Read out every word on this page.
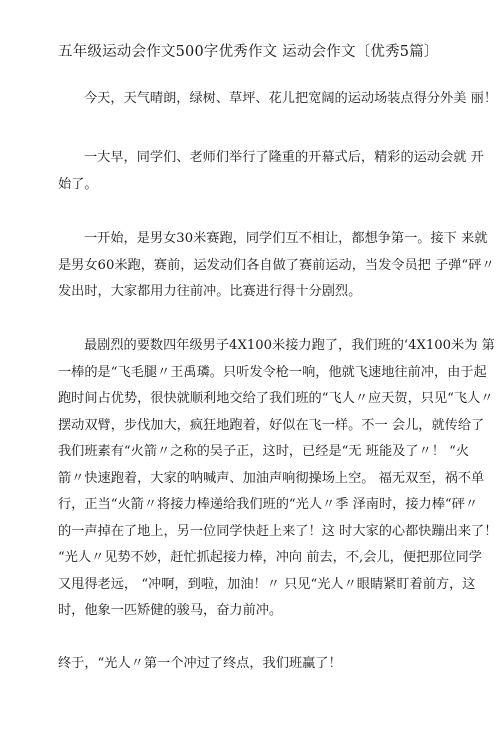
五年级运动会作文500字优秀作文 运动会作文〔优秀5篇〕
今天，天气晴朗，绿树、草坪、花儿把宽阔的运动场装点得分外美 丽！
一大早，同学们、老师们举行了隆重的开幕式后，精彩的运动会就 开
始了。
一开始，是男女30米赛跑，同学们互不相让，都想争第一。接下 来就
是男女60米跑，赛前，运发动们各自做了赛前运动，当发令员把 子弹“砰〃
发出时，大家都用力往前冲。比赛进行得十分剧烈。
最剧烈的要数四年级男子4X100米接力跑了，我们班的‘4X100米为 第
一棒的是“飞毛腿〃王禹璘。只听发令枪一响，他就飞速地往前冲，由于起
跑时间占优势，很快就顺利地交给了我们班的“飞人〃应天贺，只见“飞人〃
摆动双臂，步伐加大，疯狂地跑着，好似在飞一样。不一 会儿，就传给了
我们班素有“火箭〃之称的吴子正，这时，已经是“无 班能及了〃！ “火
箭〃快速跑着，大家的呐喊声、加油声响彻操场上空。 福无双至，祸不单
行，正当“火箭〃将接力棒递给我们班的“光人〃季 泽南时，接力棒“砰〃
的一声掉在了地上，另一位同学快赶上来了！这 时大家的心都快蹦出来了！
“光人〃见势不妙，赶忙抓起接力棒，冲向 前去，不,会儿，便把那位同学
又甩得老远， “冲啊，到啦，加油！〃 只见“光人〃眼睛紧盯着前方，这
时，他象一匹矫健的骏马，奋力前冲。
终于，“光人〃第一个冲过了终点，我们班赢了！
